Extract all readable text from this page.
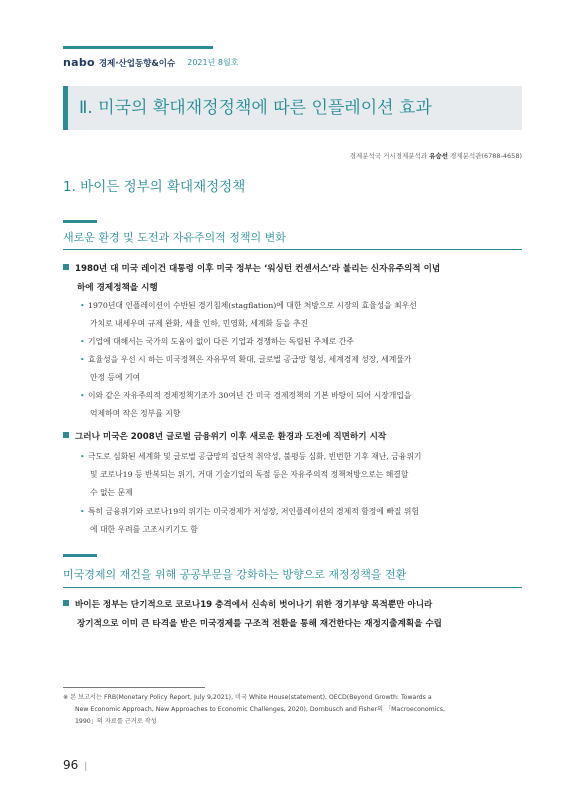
nabo 경제·산업동향&이슈 2021년 8월호
Ⅱ. 미국의 확대재정정책에 따른 인플레이션 효과
경제분석국 거시경제분석과 유승선 경제분석관(6788-4658)
1. 바이든 정부의 확대재정정책
새로운 환경 및 도전과 자유주의적 정책의 변화
1980년 대 미국 레이건 대통령 이후 미국 정부는 ‘워싱턴 컨센서스’라 불리는 신자유주의적 이념
하에 경제정책을 시행
• 1970년대 인플레이션이 수반된 경기침체(stagflation)에 대한 처방으로 시장의 효율성을 최우선
가치로 내세우며 규제 완화, 세율 인하, 민영화, 세계화 등을 추진
• 기업에 대해서는 국가의 도움이 없이 다른 기업과 경쟁하는 독립된 주체로 간주
• 효율성을 우선 시 하는 미국정책은 자유무역 확대, 글로벌 공급망 형성, 세계경제 성장, 세계물가
안정 등에 기여
• 이와 같은 자유주의적 경제정책기조가 30여년 간 미국 경제정책의 기본 바탕이 되어 시장개입을
억제하며 작은 정부를 지향
그러나 미국은 2008년 글로벌 금융위기 이후 새로운 환경과 도전에 직면하기 시작
• 극도로 심화된 세계화 및 글로벌 공급망의 집단적 취약성, 불평등 심화, 빈번한 기후 재난, 금융위기
및 코로나19 등 반복되는 위기, 거대 기술기업의 독점 등은 자유주의적 정책처방으로는 해결할
수 없는 문제
• 특히 금융위기와 코로나19의 위기는 미국경제가 저성장, 저인플레이션의 경제적 함정에 빠질 위험
에 대한 우려를 고조시키기도 함
미국경제의 재건을 위해 공공부문을 강화하는 방향으로 재정정책을 전환
바이든 정부는 단기적으로 코로나19 충격에서 신속히 벗어나기 위한 경기부양 목적뿐만 아니라
장기적으로 이미 큰 타격을 받은 미국경제를 구조적 전환을 통해 재건한다는 재정지출계획을 수립
※ 본 보고서는 FRB(Monetary Policy Report, July 9,2021), 미국 White House(statement), OECD(Beyond Growth: Towards a
New Economic Approach, New Approaches to Economic Challenges, 2020), Dornbusch and Fisher의 「Macroeconomics,
1990」의 자료를 근거로 작성
96 |
